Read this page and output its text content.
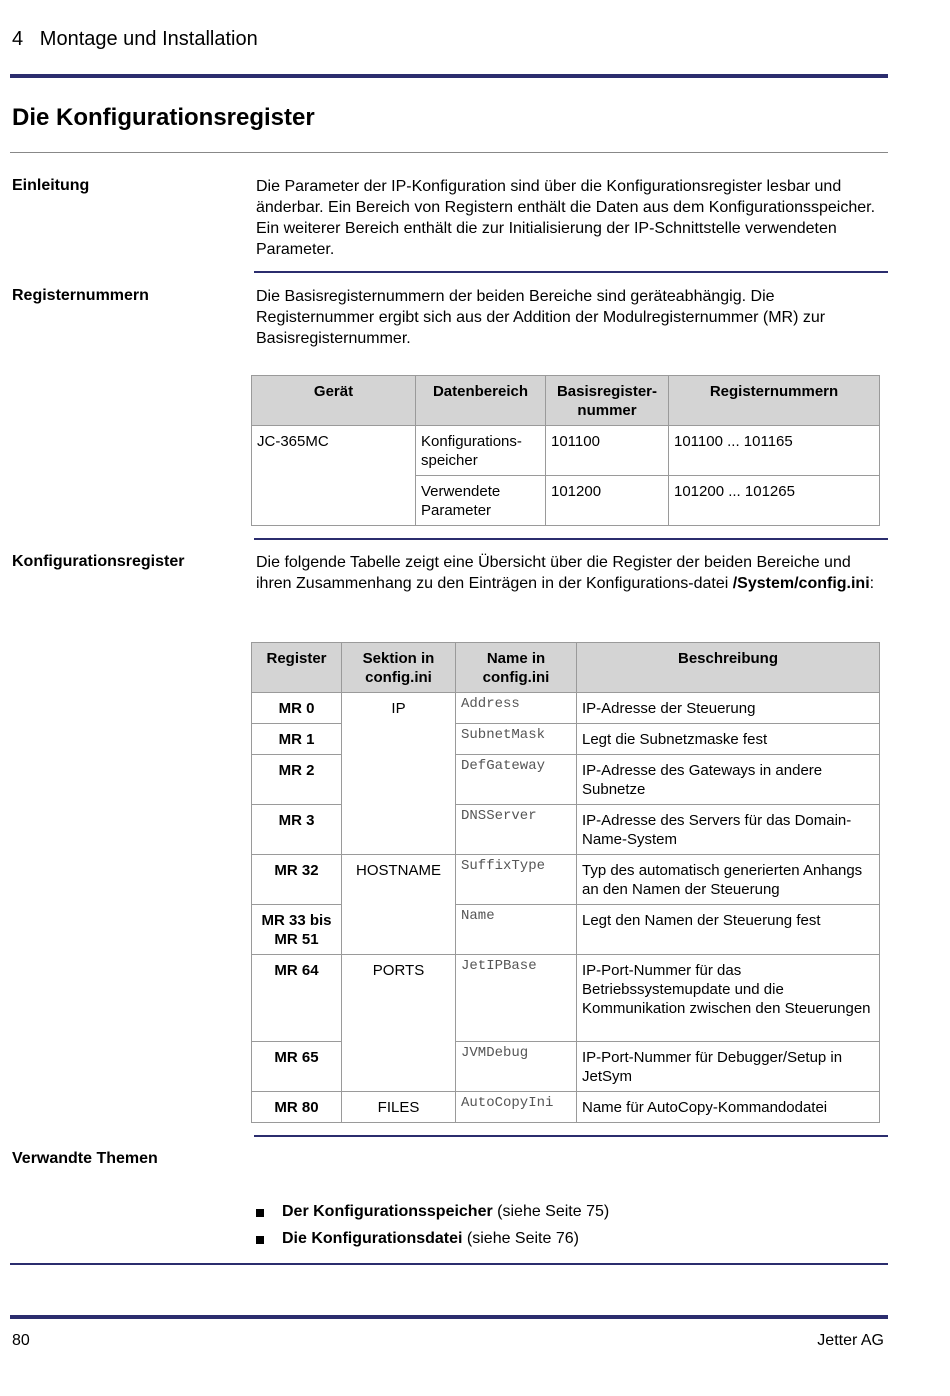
4   Montage und Installation
Die Konfigurationsregister
Einleitung	Die Parameter der IP-Konfiguration sind über die Konfigurationsregister lesbar und änderbar. Ein Bereich von Registern enthält die Daten aus dem Konfigurationsspeicher. Ein weiterer Bereich enthält die zur Initialisierung der IP-Schnittstelle verwendeten Parameter.
Registernummern	Die Basisregisternummern der beiden Bereiche sind geräteabhängig. Die Registernummer ergibt sich aus der Addition der Modulregisternummer (MR) zur Basisregisternummer.
Gerät	Datenbereich	Basisregister-nummer	Registernummern
JC-365MC	Konfigurations-speicher	101100	101100 ... 101165
	Verwendete Parameter	101200	101200 ... 101265
Konfigurationsregister	Die folgende Tabelle zeigt eine Übersicht über die Register der beiden Bereiche und ihren Zusammenhang zu den Einträgen in der Konfigurations-datei /System/config.ini:
Register	Sektion in config.ini	Name in config.ini	Beschreibung
MR 0	IP	Address	IP-Adresse der Steuerung
MR 1		SubnetMask	Legt die Subnetzmaske fest
MR 2		DefGateway	IP-Adresse des Gateways in andere Subnetze
MR 3		DNSServer	IP-Adresse des Servers für das Domain-Name-System
MR 32	HOSTNAME	SuffixType	Typ des automatisch generierten Anhangs an den Namen der Steuerung
MR 33 bis MR 51		Name	Legt den Namen der Steuerung fest
MR 64	PORTS	JetIPBase	IP-Port-Nummer für das Betriebssystemupdate und die Kommunikation zwischen den Steuerungen
MR 65		JVMDebug	IP-Port-Nummer für Debugger/Setup in JetSym
MR 80	FILES	AutoCopyIni	Name für AutoCopy-Kommandodatei
Verwandte Themen
Der Konfigurationsspeicher (siehe Seite 75)
Die Konfigurationsdatei (siehe Seite 76)
80	Jetter AG
